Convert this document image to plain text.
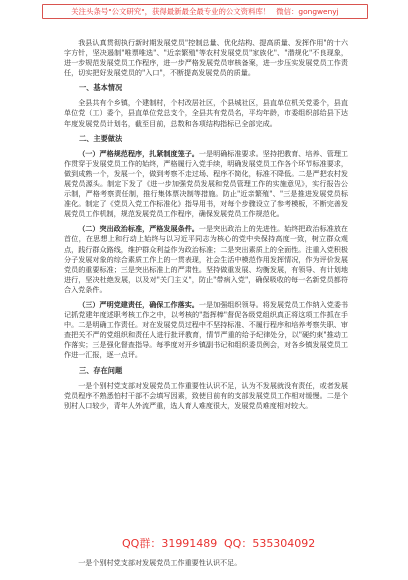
关注头条号"公文研究"，获得最新最全最专业的公文资料库！ 微信：gongwenyj

我县认真贯彻执行新时期发展党员"控制总量、优化结构、提高质量、发挥作用"的十六字方针，坚决遏制"唯票唯选"、"近亲繁殖"等农村发展党员"家族化"、"潜规化"不良现象，进一步规范发展党员工作程序，进一步严格发展党员审核备案，进一步压实发展党员工作责任，切实把好发展党员的"入口"，不断提高发展党员的质量。

一、基本情况

全县共有个乡镇，个建制村，个村改居社区，个县城社区，县直单位机关党委个，县直单位党（工）委个，县直单位党总支个，全县共有党员名，平均年龄，市委组织部给县下达年度发展党员计划名，截至目前，总数和各项结构指标已全部完成。

二、主要做法

（一）严格规范程序，扎紧制度笼子。一是明确标准要求。坚持把教育、培养、管理工作贯穿于发展党员工作的始终，严格履行入党手续，明确发展党员工作各个环节标准要求，做到成熟一个，发展一个，做到考察不走过场、程序不简化，标准不降低。二是严把农村发展党员源头。制定下发了《进一步加强党员发展和党员管理工作的实施意见》，实行报告公示制，严格考察责任制，推行集体票决制等措施。防止"近亲繁殖"、"三是推进发展党员标准化。制定了《党员入党工作标准化》指导用书，对每个步骤设立了参考模板，不断完善发展党员工作机制，规范发展党员工作程序，确保发展党员工作规范化。

（二）突出政治标准，严格发展条件。一是突出政治上的先进性。始终把政治标准放在首位，在思想上和行动上始终与以习近平同志为核心的党中央保持高度一致，树立群众观点，践行群众路线，维护群众利益作为政治标准；二是突出素质上的全面性。注重入党积极分子发展对象的综合素质工作上的一贯表现，社会生活中模范作用发挥情况，作为评价发展党员的重要标准；三是突出标准上的严肃性。坚持做重发展、均衡发展，有领导、有计划地进行，坚决杜绝发展，以及对"关门主义"，防止"带病入党"，确保吸收的每一名新党员都符合入党条件。

（三）严明党建责任，确保工作落实。一是加强组织领导。将发展党员工作纳入党委书记抓党建年度述职考核工作之中，以考核的"指挥棒"督促各级党组织真正将这项工作抓在手中。二是明确工作责任。对在发展党员过程中不坚持标准、不履行程序和培养考察失职、审查把关不严的党组织和责任人进行批评教育，情节严重的给予纪律处分，以"硬约束"推动工作落实；三是强化督查指导。每季度对开乡镇副书记和组织委员例会，对各乡镇发展党员工作进一汇报，逐一点评。

三、存在问题

一是个别村党支部对发展党员工作重要性认识不足，认为不发展就没有责任，或者发展党员程序不熟悉怕村干部不会填写因素，致使目前有的支部发展党员工作相对缓慢。二是个别村人口较少，青年人外流严重，选人育人难度很大，发展党员难度相对较大。

QQ群：31991489 QQ：535304092

一是个别村党支部对发展党员工作重要性认识不足。
